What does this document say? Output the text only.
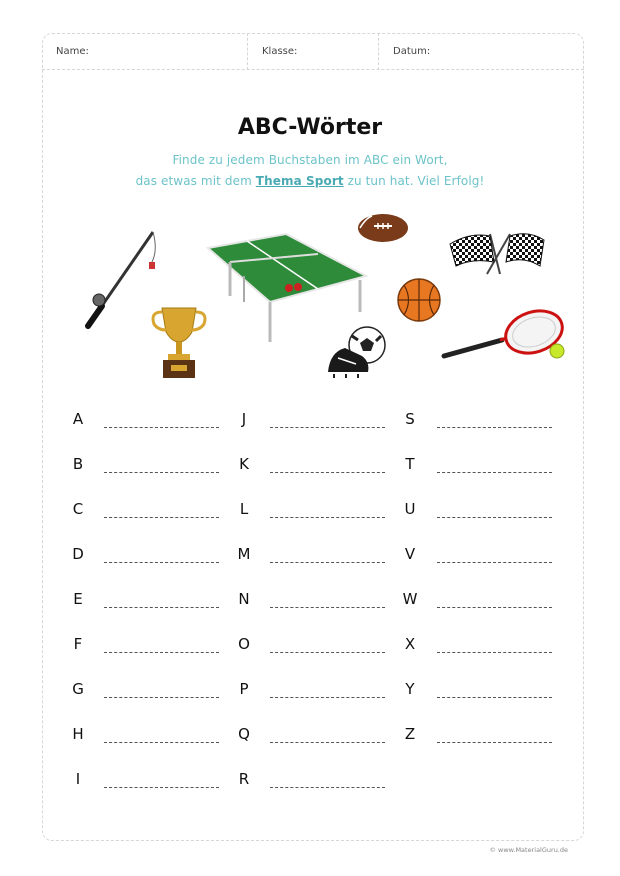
Name:	Klasse:	Datum:
ABC-Wörter
Finde zu jedem Buchstaben im ABC ein Wort,
das etwas mit dem Thema Sport zu tun hat. Viel Erfolg!
A
B
C
D
E
F
G
H
I
J
K
L
M
N
O
P
Q
R
S
T
U
V
W
X
Y
Z
© www.MaterialGuru.de
